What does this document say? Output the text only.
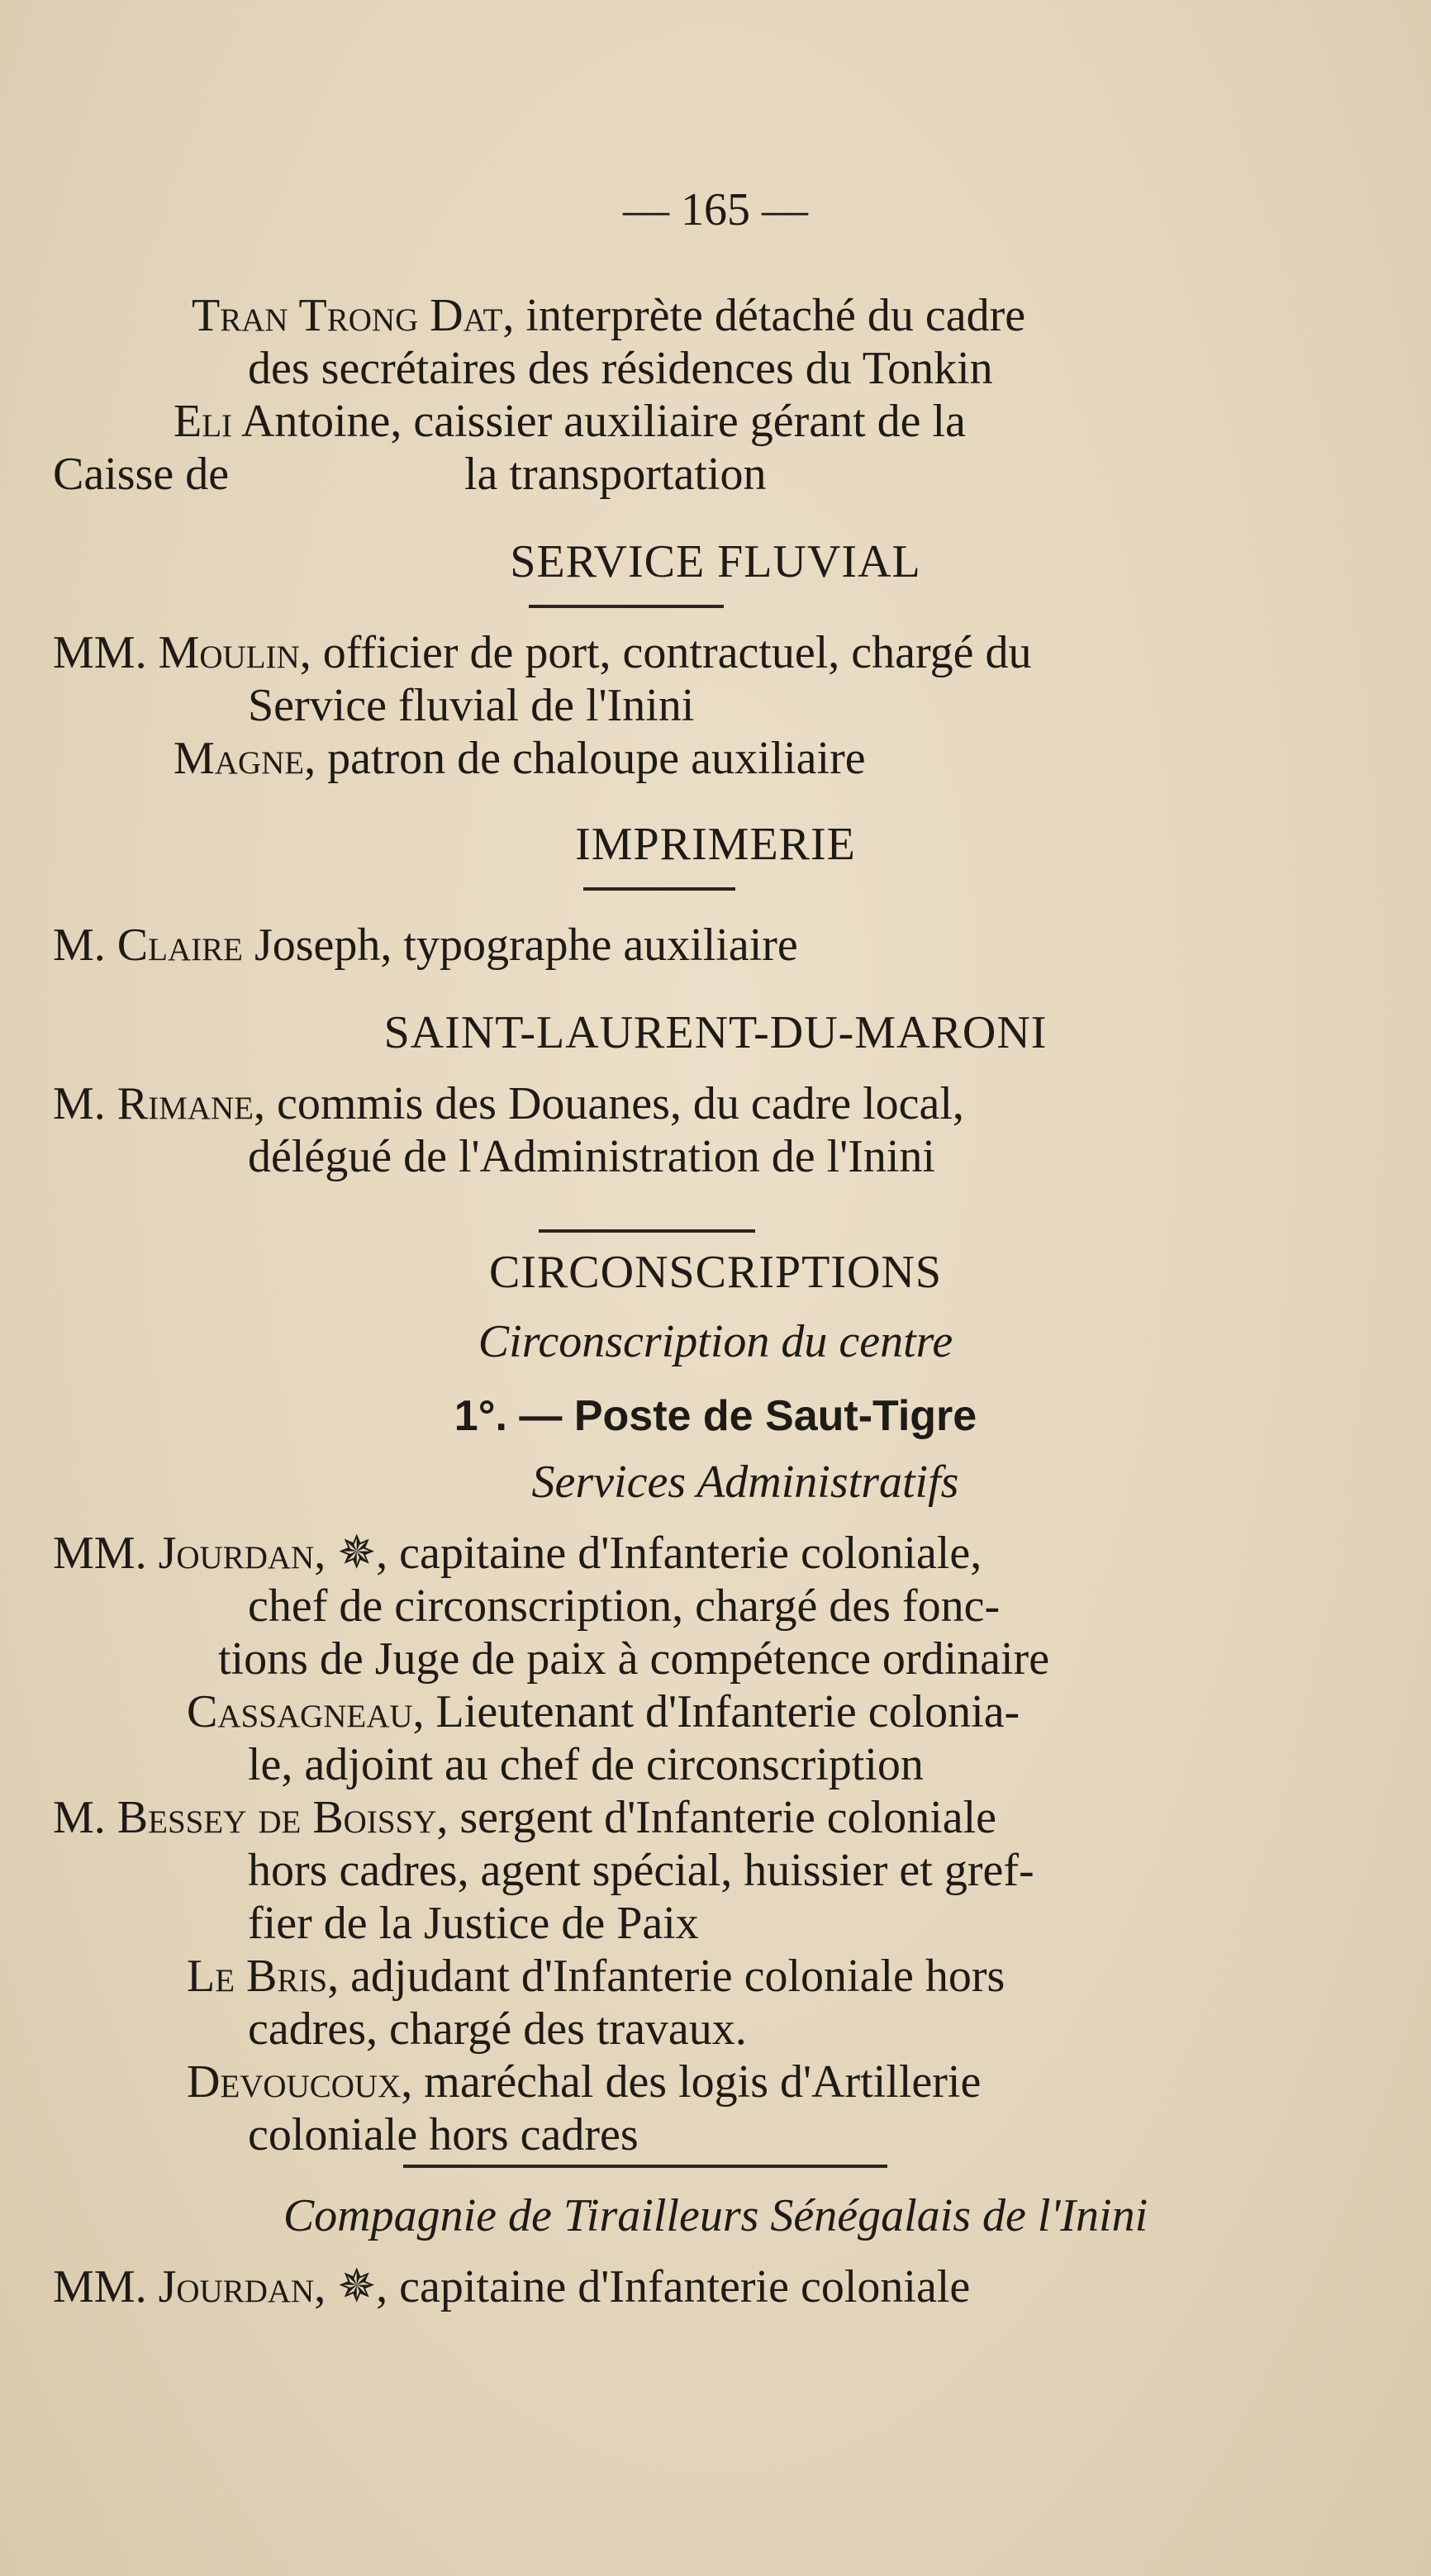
— 165 —
Tran Trong Dat, interprète détaché du cadre
des secrétaires des résidences du Tonkin
Eli Antoine, caissier auxiliaire gérant de la
Caisse de	la transportation
SERVICE FLUVIAL
MM. Moulin, officier de port, contractuel, chargé du
Service fluvial de l'Inini
Magne, patron de chaloupe auxiliaire
IMPRIMERIE
M. Claire Joseph, typographe auxiliaire
SAINT-LAURENT-DU-MARONI
M. Rimane, commis des Douanes, du cadre local,
délégué de l'Administration de l'Inini
CIRCONSCRIPTIONS
Circonscription du centre
1°. — Poste de Saut-Tigre
Services Administratifs
MM. Jourdan, ✵, capitaine d'Infanterie coloniale,
chef de circonscription, chargé des fonc-
tions de Juge de paix à compétence ordinaire
Cassagneau, Lieutenant d'Infanterie colonia-
le, adjoint au chef de circonscription
M. Bessey de Boissy, sergent d'Infanterie coloniale
hors cadres, agent spécial, huissier et gref-
fier de la Justice de Paix
Le Bris, adjudant d'Infanterie coloniale hors
cadres, chargé des travaux.
Devoucoux, maréchal des logis d'Artillerie
coloniale hors cadres
Compagnie de Tirailleurs Sénégalais de l'Inini
MM. Jourdan, ✵, capitaine d'Infanterie coloniale
